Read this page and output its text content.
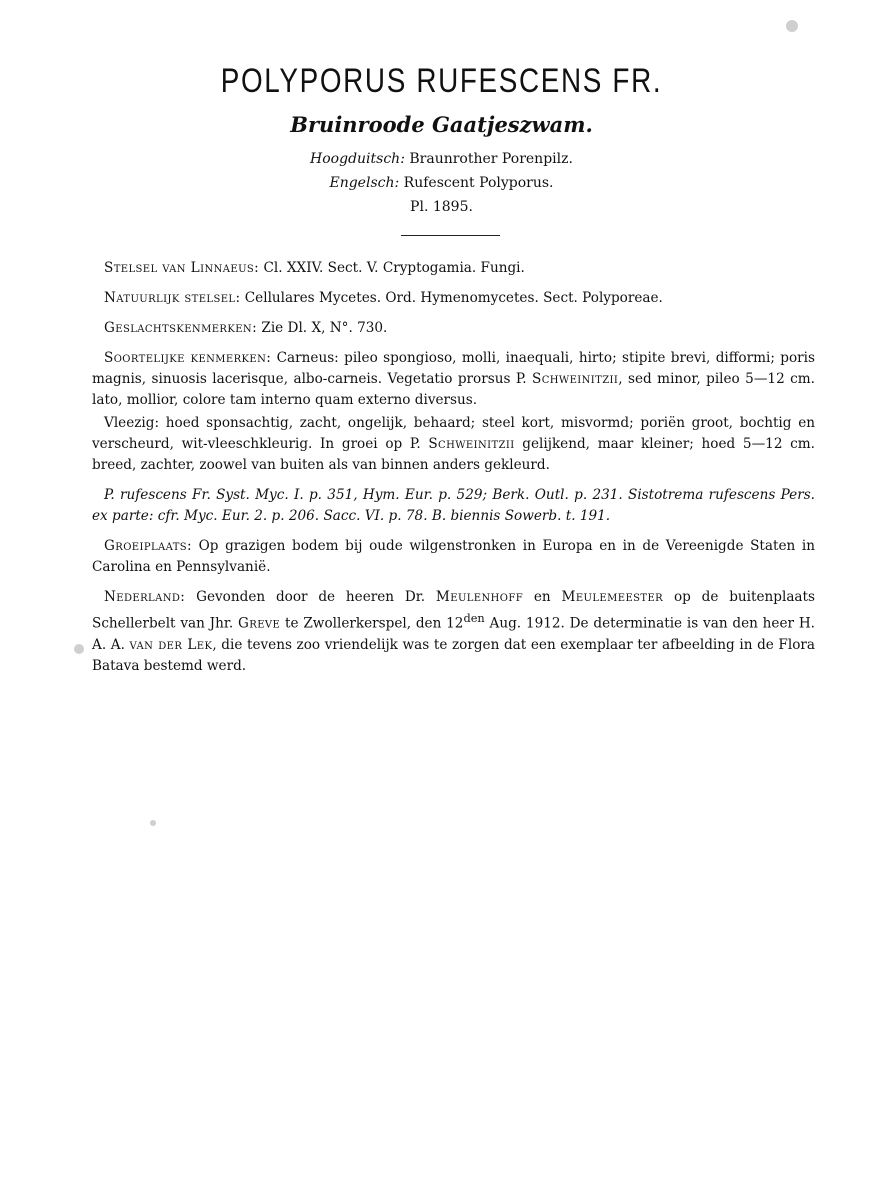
POLYPORUS RUFESCENS FR.
Bruinroode Gaatjeszwam.
Hoogduitsch: Braunrother Porenpilz.
Engelsch: Rufescent Polyporus.
Pl. 1895.

Stelsel van Linnaeus: Cl. XXIV. Sect. V. Cryptogamia. Fungi.

Natuurlijk stelsel: Cellulares Mycetes. Ord. Hymenomycetes. Sect. Polyporeae.

Geslachtskenmerken: Zie Dl. X, N°. 730.

Soortelijke kenmerken: Carneus: pileo spongioso, molli, inaequali, hirto; stipite brevi, difformi; poris magnis, sinuosis lacerisque, albo-carneis. Vegetatio prorsus P. Schweinitzii, sed minor, pileo 5—12 cm. lato, mollior, colore tam interno quam externo diversus.

Vleezig: hoed sponsachtig, zacht, ongelijk, behaard; steel kort, misvormd; poriën groot, bochtig en verscheurd, wit-vleeschkleurig. In groei op P. Schweinitzii gelijkend, maar kleiner; hoed 5—12 cm. breed, zachter, zoowel van buiten als van binnen anders gekleurd.

P. rufescens Fr. Syst. Myc. I. p. 351, Hym. Eur. p. 529; Berk. Outl. p. 231. Sistotrema rufescens Pers. ex parte: cfr. Myc. Eur. 2. p. 206. Sacc. VI. p. 78. B. biennis Sowerb. t. 191.

Groeiplaats: Op grazigen bodem bij oude wilgenstronken in Europa en in de Vereenigde Staten in Carolina en Pennsylvanië.

Nederland: Gevonden door de heeren Dr. Meulenhoff en Meulemeester op de buitenplaats Schellerbelt van Jhr. Greve te Zwollerkerspel, den $12^{den}$ Aug. 1912. De determinatie is van den heer H. A. A. van der Lek, die tevens zoo vriendelijk was te zorgen dat een exemplaar ter afbeelding in de Flora Batava bestemd werd.
